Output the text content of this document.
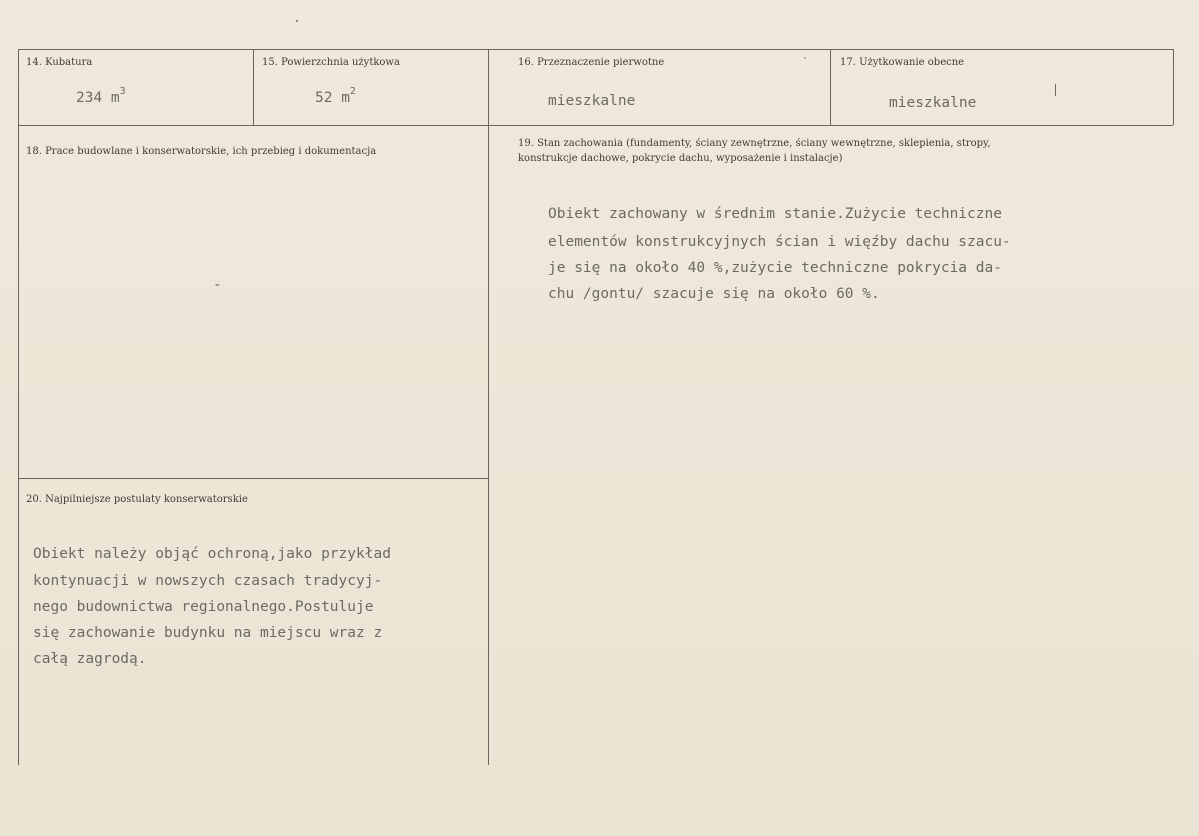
14. Kubatura
234 $m^3$
15. Powierzchnia użytkowa
52 $m^2$
16. Przeznaczenie pierwotne
mieszkalne
17. Użytkowanie obecne
mieszkalne
18. Prace budowlane i konserwatorskie, ich przebieg i dokumentacja
-
19. Stan zachowania (fundamenty, ściany zewnętrzne, ściany wewnętrzne, sklepienia, stropy,
konstrukcje dachowe, pokrycie dachu, wyposażenie i instalacje)
Obiekt zachowany w średnim stanie.Zużycie techniczne
elementów konstrukcyjnych ścian i więźby dachu szacu-
je się na około 40 %,zużycie techniczne pokrycia da-
chu /gontu/ szacuje się na około 60 %.
20. Najpilniejsze postulaty konserwatorskie
Obiekt należy objąć ochroną,jako przykład
kontynuacji w nowszych czasach tradycyj-
nego budownictwa regionalnego.Postuluje
się zachowanie budynku na miejscu wraz z
całą zagrodą.
